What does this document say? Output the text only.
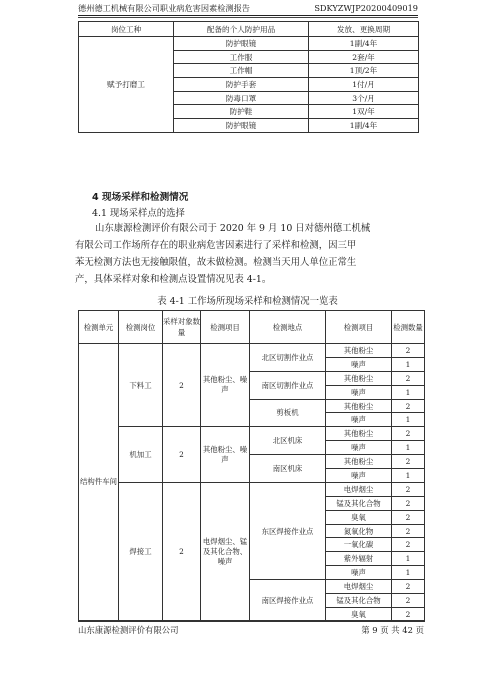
德州德工机械有限公司职业病危害因素检测报告	SDKYZWJP20200409019
岗位工种	配备的个人防护用品	发放、更换周期
赋予打磨工	防护眼镜	1副/4年
	工作服	2套/年
	工作帽	1顶/2年
	防护手套	1付/月
	防毒口罩	3个/月
	防护鞋	1双/年
	防护眼镜	1副/4年
4 现场采样和检测情况
4.1 现场采样点的选择
山东康源检测评价有限公司于 2020 年 9 月 10 日对德州德工机械
有限公司工作场所存在的职业病危害因素进行了采样和检测，因三甲
苯无检测方法也无接触限值，故未做检测。检测当天用人单位正常生
产，具体采样对象和检测点设置情况见表 4-1。
表 4-1 工作场所现场采样和检测情况一览表
检测单元	检测岗位	采样对象数量	检测项目	检测地点	检测项目	检测数量
结构件车间	下料工	2	其他粉尘、噪声	北区切割作业点	其他粉尘	2
					噪声	1
				南区切割作业点	其他粉尘	2
					噪声	1
				剪板机	其他粉尘	2
					噪声	1
	机加工	2	其他粉尘、噪声	北区机床	其他粉尘	2
					噪声	1
				南区机床	其他粉尘	2
					噪声	1
	焊接工	2	电焊烟尘、锰及其化合物、噪声	东区焊接作业点	电焊烟尘	2
					锰及其化合物	2
					臭氧	2
					氮氧化物	2
					一氧化碳	2
					紫外辐射	1
					噪声	1
				南区焊接作业点	电焊烟尘	2
					锰及其化合物	2
					臭氧	2
山东康源检测评价有限公司	第 9 页 共 42 页
